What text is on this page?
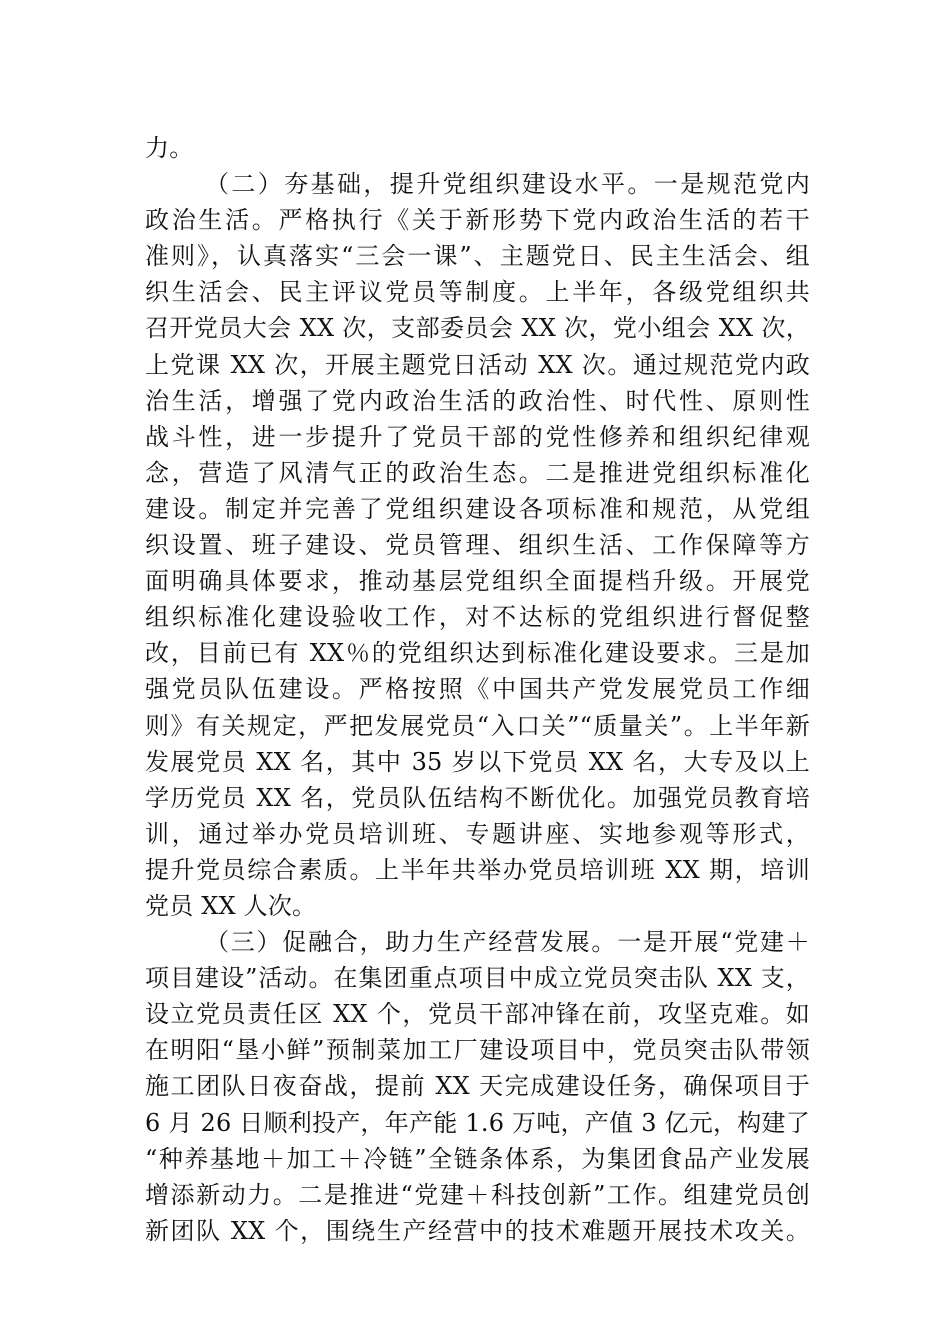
力。
（二）夯基础，提升党组织建设水平。一是规范党内
政治生活。严格执行《关于新形势下党内政治生活的若干
准则》，认真落实“三会一课”、主题党日、民主生活会、组
织生活会、民主评议党员等制度。上半年，各级党组织共
召开党员大会 XX 次，支部委员会 XX 次，党小组会 XX 次，
上党课 XX 次，开展主题党日活动 XX 次。通过规范党内政
治生活，增强了党内政治生活的政治性、时代性、原则性
战斗性，进一步提升了党员干部的党性修养和组织纪律观
念，营造了风清气正的政治生态。二是推进党组织标准化
建设。制定并完善了党组织建设各项标准和规范，从党组
织设置、班子建设、党员管理、组织生活、工作保障等方
面明确具体要求，推动基层党组织全面提档升级。开展党
组织标准化建设验收工作，对不达标的党组织进行督促整
改，目前已有 XX％的党组织达到标准化建设要求。三是加
强党员队伍建设。严格按照《中国共产党发展党员工作细
则》有关规定，严把发展党员“入口关”“质量关”。上半年新
发展党员 XX 名，其中 35 岁以下党员 XX 名，大专及以上
学历党员 XX 名，党员队伍结构不断优化。加强党员教育培
训，通过举办党员培训班、专题讲座、实地参观等形式，
提升党员综合素质。上半年共举办党员培训班 XX 期，培训
党员 XX 人次。
（三）促融合，助力生产经营发展。一是开展“党建＋
项目建设”活动。在集团重点项目中成立党员突击队 XX 支，
设立党员责任区 XX 个，党员干部冲锋在前，攻坚克难。如
在明阳“垦小鲜”预制菜加工厂建设项目中，党员突击队带领
施工团队日夜奋战，提前 XX 天完成建设任务，确保项目于
6 月 26 日顺利投产，年产能 1.6 万吨，产值 3 亿元，构建了
“种养基地＋加工＋冷链”全链条体系，为集团食品产业发展
增添新动力。二是推进“党建＋科技创新”工作。组建党员创
新团队 XX 个，围绕生产经营中的技术难题开展技术攻关。
